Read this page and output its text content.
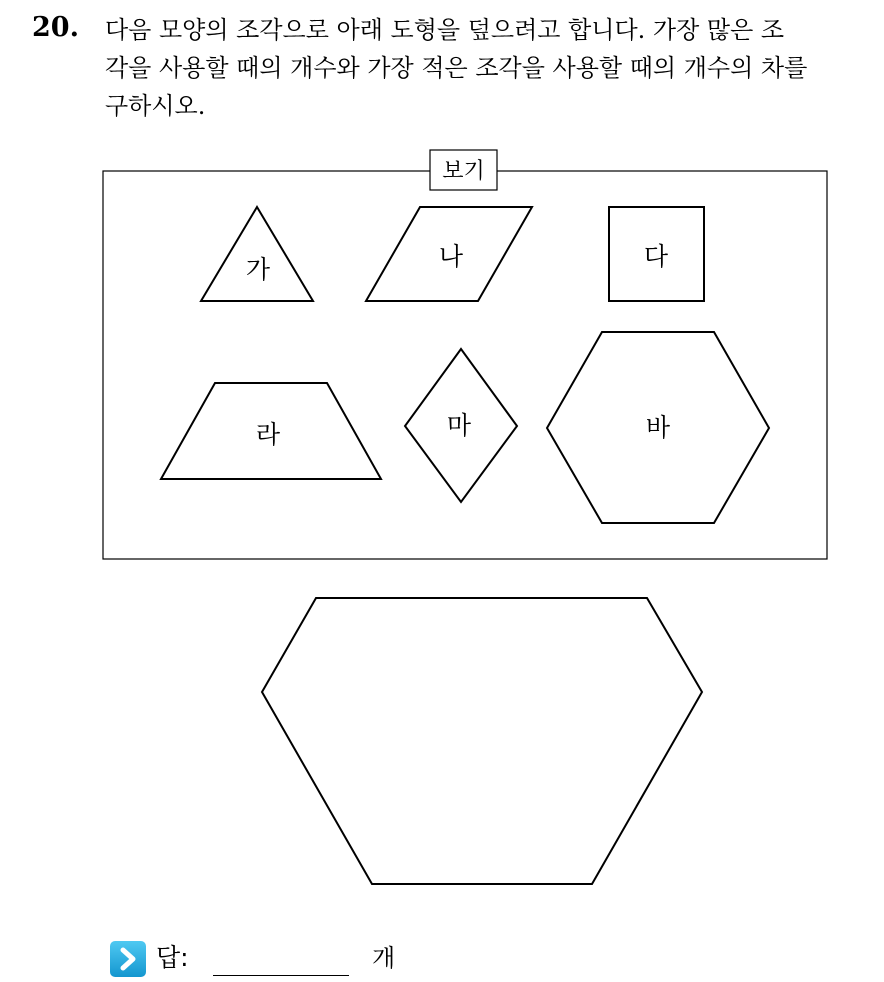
20. 다음 모양의 조각으로 아래 도형을 덮으려고 합니다. 가장 많은 조
각을 사용할 때의 개수와 가장 적은 조각을 사용할 때의 개수의 차를
구하시오.
보기
가	나	다
라	마	바
답:	개
